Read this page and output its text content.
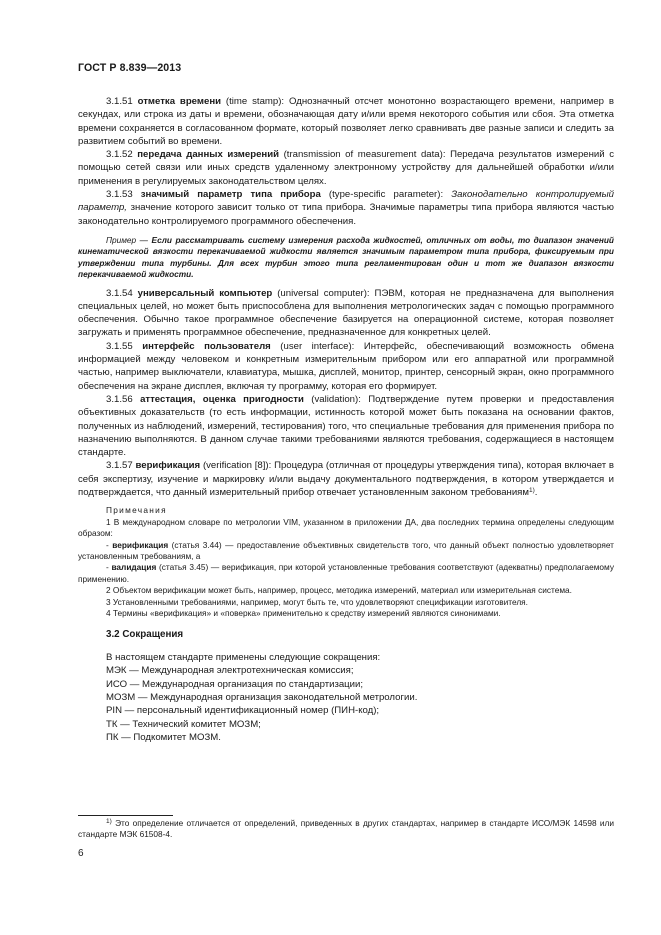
ГОСТ Р 8.839—2013

3.1.51 отметка времени (time stamp): Однозначный отсчет монотонно возрастающего времени, например в секундах, или строка из даты и времени, обозначающая дату и/или время некоторого события или сбоя. Эта отметка времени сохраняется в согласованном формате, который позволяет легко сравнивать две разные записи и следить за развитием событий во времени.

3.1.52 передача данных измерений (transmission of measurement data): Передача результатов измерений с помощью сетей связи или иных средств удаленному электронному устройству для дальнейшей обработки и/или применения в регулируемых законодательством целях.

3.1.53 значимый параметр типа прибора (type-specific parameter): Законодательно контролируемый параметр, значение которого зависит только от типа прибора. Значимые параметры типа прибора являются частью законодательно контролируемого программного обеспечения.

Пример — Если рассматривать систему измерения расхода жидкостей, отличных от воды, то диапазон значений кинематической вязкости перекачиваемой жидкости является значимым параметром типа прибора, фиксируемым при утверждении типа турбины. Для всех турбин этого типа регламентирован один и тот же диапазон вязкости перекачиваемой жидкости.

3.1.54 универсальный компьютер (universal computer): ПЭВМ, которая не предназначена для выполнения специальных целей, но может быть приспособлена для выполнения метрологических задач с помощью программного обеспечения. Обычно такое программное обеспечение базируется на операционной системе, которая позволяет загружать и применять программное обеспечение, предназначенное для конкретных целей.

3.1.55 интерфейс пользователя (user interface): Интерфейс, обеспечивающий возможность обмена информацией между человеком и конкретным измерительным прибором или его аппаратной или программной частью, например выключатели, клавиатура, мышка, дисплей, монитор, принтер, сенсорный экран, окно программного обеспечения на экране дисплея, включая ту программу, которая его формирует.

3.1.56 аттестация, оценка пригодности (validation): Подтверждение путем проверки и предоставления объективных доказательств (то есть информации, истинность которой может быть показана на основании фактов, полученных из наблюдений, измерений, тестирования) того, что специальные требования для применения прибора по назначению выполняются. В данном случае такими требованиями являются требования, содержащиеся в настоящем стандарте.

3.1.57 верификация (verification [8]): Процедура (отличная от процедуры утверждения типа), которая включает в себя экспертизу, изучение и маркировку и/или выдачу документального подтверждения, в котором утверждается и подтверждается, что данный измерительный прибор отвечает установленным законом требованиям$^{1)}$.

Примечания

1 В международном словаре по метрологии VIM, указанном в приложении ДА, два последних термина определены следующим образом:

- верификация (статья 3.44) — предоставление объективных свидетельств того, что данный объект полностью удовлетворяет установленным требованиям, а

- валидация (статья 3.45) — верификация, при которой установленные требования соответствуют (адекватны) предполагаемому применению.

2 Объектом верификации может быть, например, процесс, методика измерений, материал или измерительная система.

3 Установленными требованиями, например, могут быть те, что удовлетворяют спецификации изготовителя.

4 Термины «верификация» и «поверка» применительно к средству измерений являются синонимами.

3.2 Сокращения

В настоящем стандарте применены следующие сокращения:

МЭК — Международная электротехническая комиссия;

ИСО — Международная организация по стандартизации;

МОЗМ — Международная организация законодательной метрологии.

PIN — персональный идентификационный номер (ПИН-код);

ТК — Технический комитет МОЗМ;

ПК — Подкомитет МОЗМ.

$^{1)}$ Это определение отличается от определений, приведенных в других стандартах, например в стандарте ИСО/МЭК 14598 или стандарте МЭК 61508-4.

6
